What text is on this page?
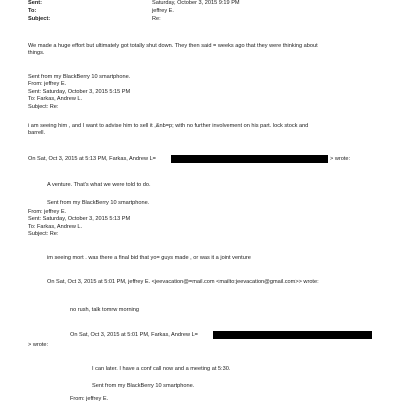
Sent:	Saturday, October 3, 2015 9:19 PM
To:	jeffrey E.
Subject:	Re:
We made a huge effort but ultimately got totally shut down. They then said = weeks ago that they were thinking about
things.
Sent from my BlackBerry 10 smartphone.
From: jeffrey E.
Sent: Saturday, October 3, 2015 5:15 PM
To: Farkas, Andrew L.
Subject: Re:
i am seeing him , and I want to advise him to sell it ,&nb=p; with no further involvement on his part. lock stock and
barrell.
On Sat, Oct 3, 2015 at 5:13 PM, Farkas, Andrew L=	> wrote:
A venture. That's what we were told to do.
Sent from my BlackBerry 10 smartphone.
From: jeffrey E.
Sent: Saturday, October 3, 2015 5:13 PM
To: Farkas, Andrew L.
Subject: Re:
im seeing mort . was there a final bid that yo= guys made , or was it a joint venture
On Sat, Oct 3, 2015 at 5:01 PM, jeffrey E. <jeevacation@=mail.com <mailto:jeevacation@gmail.com>> wrote:
no rush, talk tomrw morning
On Sat, Oct 3, 2015 at 5:01 PM, Farkas, Andrew L=
> wrote:
I can later. I have a conf call now and a meeting at 5:30.
Sent from my BlackBerry 10 smartphone.
From: jeffrey E.
